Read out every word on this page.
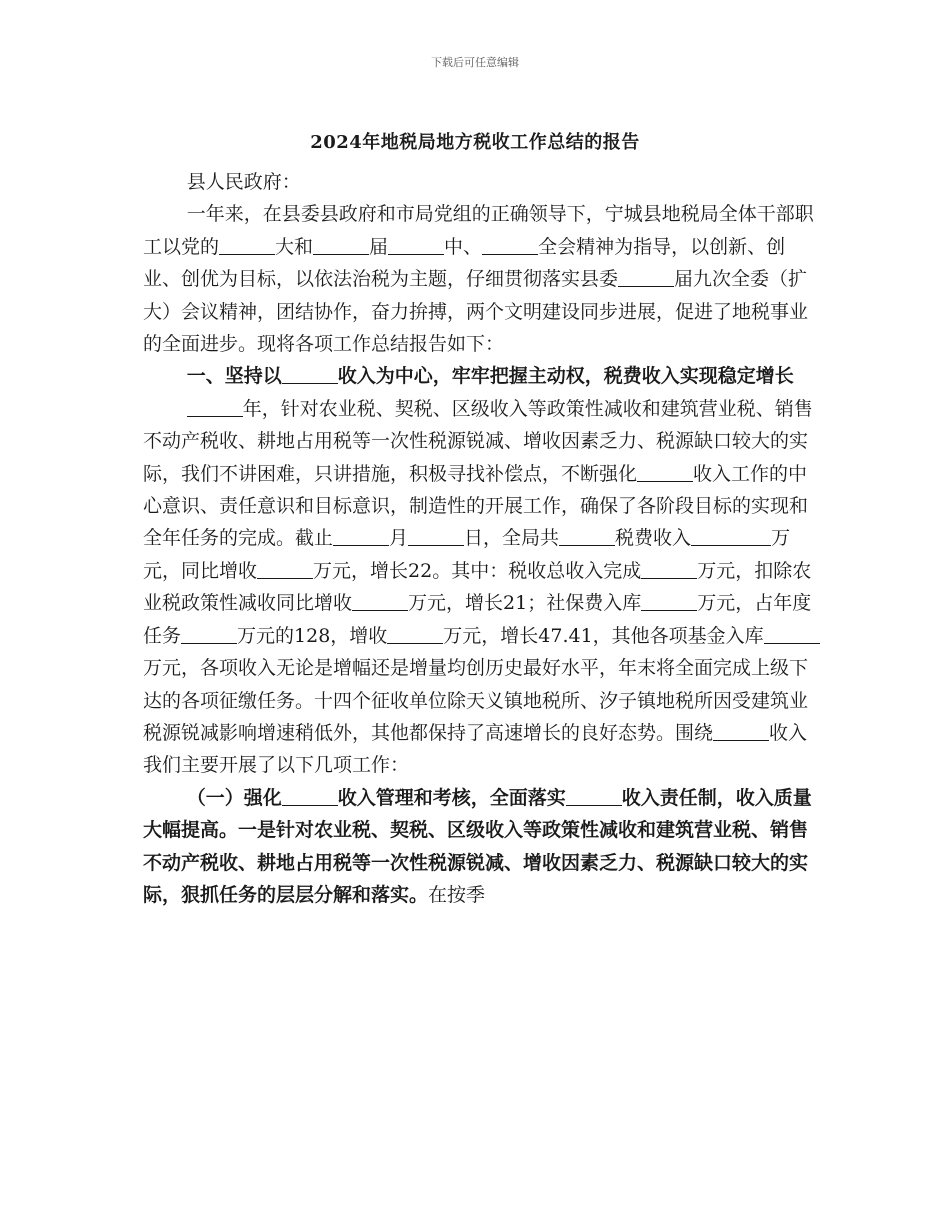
下载后可任意编辑
2024年地税局地方税收工作总结的报告

县人民政府：

一年来，在县委县政府和市局党组的正确领导下，宁城县地税局全体干部职工以党的	大和	届	中、	全会精神为指导，以创新、创业、创优为目标，以依法治税为主题，仔细贯彻落实县委	届九次全委（扩大）会议精神，团结协作，奋力拚搏，两个文明建设同步进展，促进了地税事业的全面进步。现将各项工作总结报告如下：

一、坚持以	收入为中心，牢牢把握主动权，税费收入实现稳定增长

年，针对农业税、契税、区级收入等政策性减收和建筑营业税、销售不动产税收、耕地占用税等一次性税源锐减、增收因素乏力、税源缺口较大的实际，我们不讲困难，只讲措施，积极寻找补偿点，不断强化	收入工作的中心意识、责任意识和目标意识，制造性的开展工作，确保了各阶段目标的实现和全年任务的完成。截止	月	日，全局共	税费收入	万元，同比增收	万元，增长22。其中：税收总收入完成	万元，扣除农业税政策性减收同比增收	万元，增长21；社保费入库	万元，占年度任务	万元的128，增收	万元，增长47.41，其他各项基金入库万元，各项收入无论是增幅还是增量均创历史最好水平，年末将全面完成上级下达的各项征缴任务。十四个征收单位除天义镇地税所、汐子镇地税所因受建筑业税源锐减影响增速稍低外，其他都保持了高速增长的良好态势。围绕	收入我们主要开展了以下几项工作：

（一）强化	收入管理和考核，全面落实	收入责任制，收入质量大幅提高。一是针对农业税、契税、区级收入等政策性减收和建筑营业税、销售不动产税收、耕地占用税等一次性税源锐减、增收因素乏力、税源缺口较大的实际，狠抓任务的层层分解和落实。在按季
